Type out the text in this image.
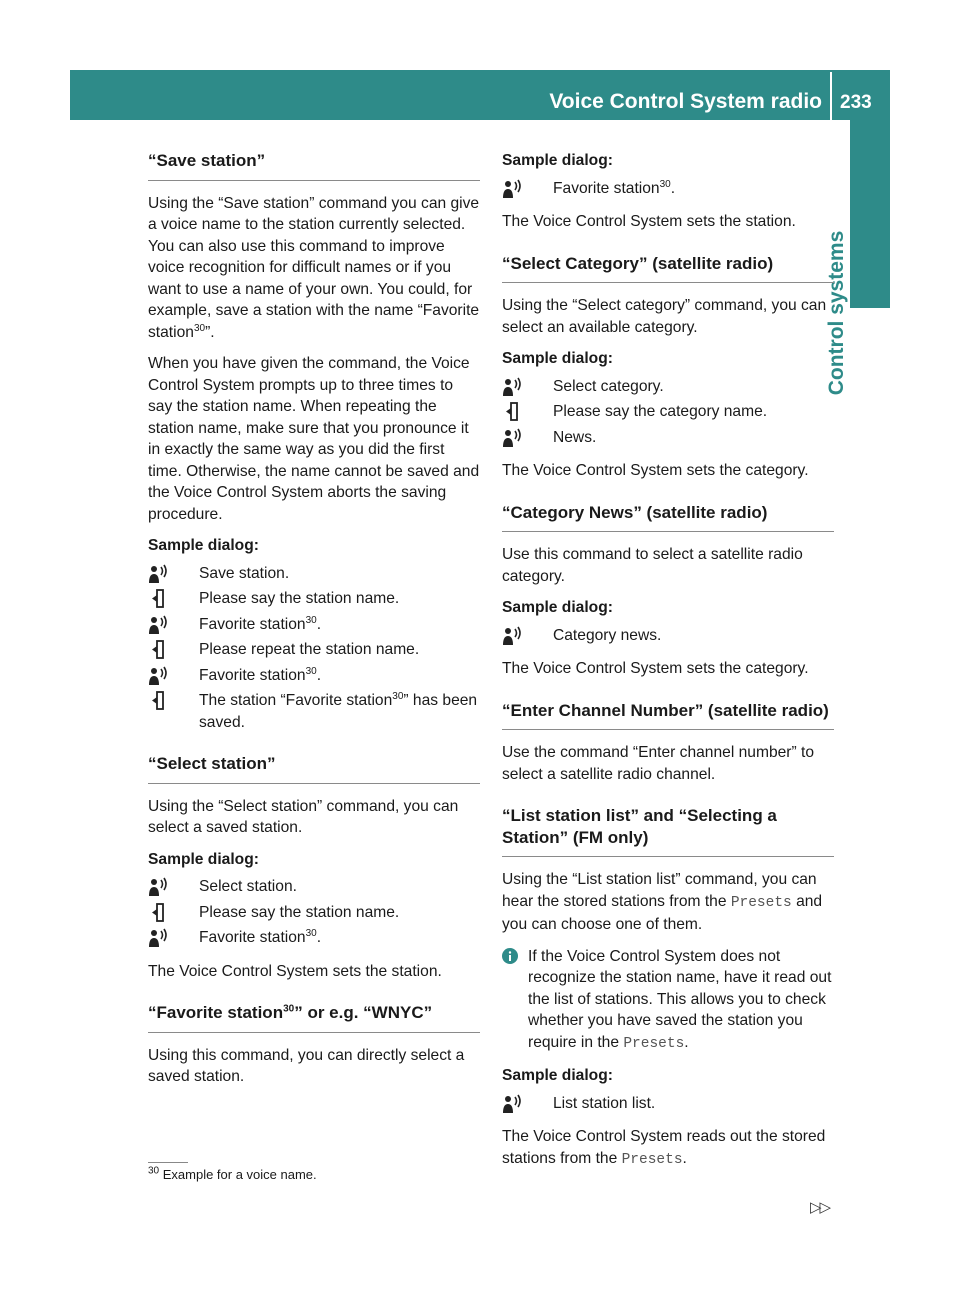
Voice Control System radio 233
Control systems
“Save station”

Using the “Save station” command you can give a voice name to the station currently selected. You can also use this command to improve voice recognition for difficult names or if you want to use a name of your own. You could, for example, save a station with the name “Favorite station$^{30}$”.

When you have given the command, the Voice Control System prompts up to three times to say the station name. When repeating the station name, make sure that you pronounce it in exactly the same way as you did the first time. Otherwise, the name cannot be saved and the Voice Control System aborts the saving procedure.

Sample dialog:

Save station.
Please say the station name.
Favorite station$^{30}$.
Please repeat the station name.
Favorite station$^{30}$.
The station “Favorite station$^{30}$” has been saved.
“Select station”

Using the “Select station” command, you can select a saved station.

Sample dialog:

Select station.
Please say the station name.
Favorite station$^{30}$.

The Voice Control System sets the station.

“Favorite station$^{30}$” or e.g. “WNYC”

Using this command, you can directly select a saved station.

Sample dialog:

Favorite station$^{30}$.

The Voice Control System sets the station.

“Select Category” (satellite radio)

Using the “Select category” command, you can select an available category.

Sample dialog:

Select category.
Please say the category name.
News.

The Voice Control System sets the category.

“Category News” (satellite radio)

Use this command to select a satellite radio category.

Sample dialog:

Category news.

The Voice Control System sets the category.

“Enter Channel Number” (satellite radio)

Use the command “Enter channel number” to select a satellite radio channel.

“List station list” and “Selecting a Station” (FM only)

Using the “List station list” command, you can hear the stored stations from the Presets and you can choose one of them.

If the Voice Control System does not recognize the station name, have it read out the list of stations. This allows you to check whether you have saved the station you require in the Presets.

Sample dialog:

List station list.

The Voice Control System reads out the stored stations from the Presets.

$^{30}$ Example for a voice name.
▷▷
